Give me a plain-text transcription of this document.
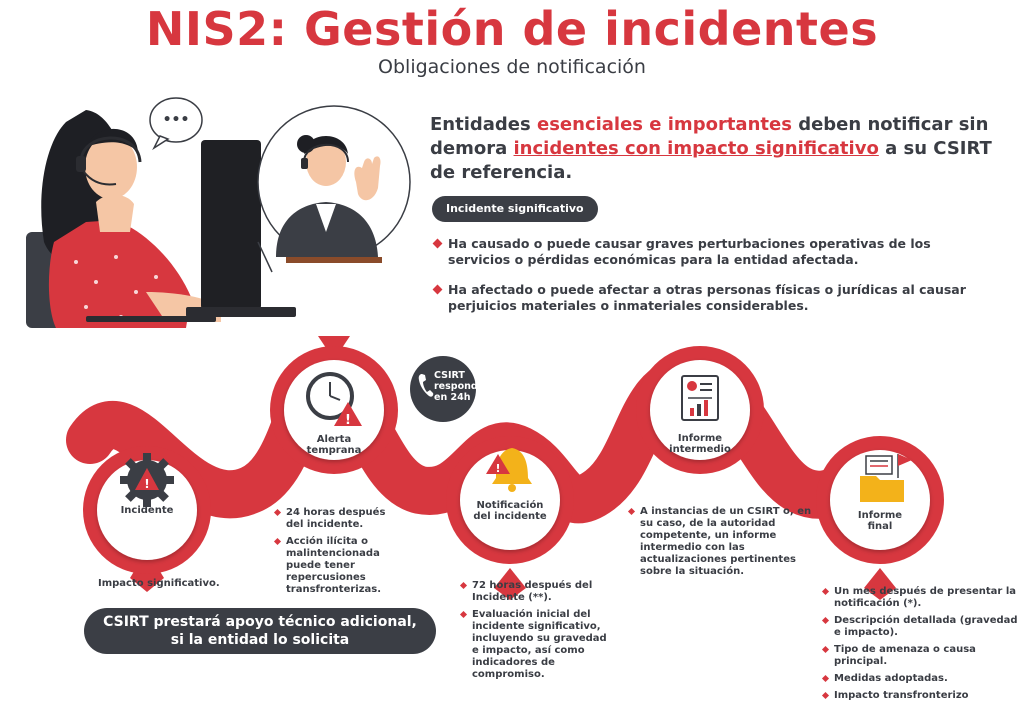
NIS2: Gestión de incidentes
Obligaciones de notificación
•••	Entidades esenciales e importantes deben notificar sin demora incidentes con impacto significativo a su CSIRT de referencia.
Incidente significativo
Ha causado o puede causar graves perturbaciones operativas de los servicios o pérdidas económicas para la entidad afectada.
Ha afectado o puede afectar a otras personas físicas o jurídicas al causar perjuicios materiales o inmateriales considerables.
!
!
!
Incidente
Alerta
temprana
Notificación
del incidente
Informe
intermedio
Informe
final
CSIRT
responde
en 24h
Impacto significativo.
24 horas después del incidente.
Acción ilícita o malintencionada puede tener repercusiones transfronterizas.	72 horas después del Incidente (**).
Evaluación inicial del incidente significativo, incluyendo su gravedad e impacto, así como indicadores de compromiso.
A instancias de un CSIRT o, en su caso, de la autoridad competente, un informe intermedio con las actualizaciones pertinentes sobre la situación.
Un mes después de presentar la notificación (*).
Descripción detallada (gravedad e impacto).
Tipo de amenaza o causa principal.
Medidas adoptadas.
Impacto transfronterizo
CSIRT prestará apoyo técnico adicional,
si la entidad lo solicita
